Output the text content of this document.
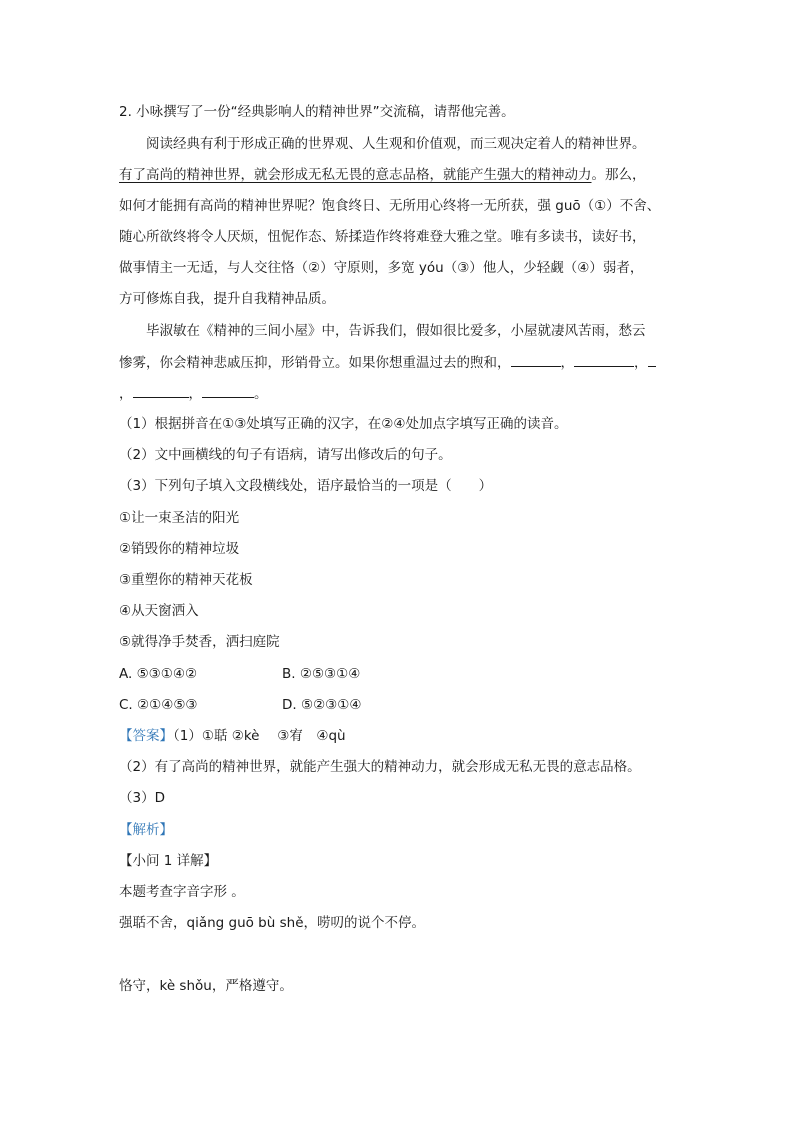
2. 小咏撰写了一份“经典影响人的精神世界”交流稿，请帮他完善。
阅读经典有利于形成正确的世界观、人生观和价值观，而三观决定着人的精神世界。
有了高尚的精神世界，就会形成无私无畏的意志品格，就能产生强大的精神动力。那么，
如何才能拥有高尚的精神世界呢？饱食终日、无所用心终将一无所获，强 guō（①）不舍、
随心所欲终将令人厌烦，忸怩作态、矫揉造作终将难登大雅之堂。唯有多读书，读好书，
做事情主一无适，与人交往恪（②）守原则，多宽 yóu（③）他人，少轻觑（④）弱者，
方可修炼自我，提升自我精神品质。
毕淑敏在《精神的三间小屋》中，告诉我们，假如很比爱多，小屋就凄风苦雨，愁云
惨雾，你会精神悲戚压抑，形销骨立。如果你想重温过去的煦和，	，	，
，	，	。
（1）根据拼音在①③处填写正确的汉字，在②④处加点字填写正确的读音。
（2）文中画横线的句子有语病，请写出修改后的句子。
（3）下列句子填入文段横线处，语序最恰当的一项是（　　）
①让一束圣洁的阳光
②销毁你的精神垃圾
③重塑你的精神天花板
④从天窗洒入
⑤就得净手焚香，洒扫庭院
A. ⑤③①④②	B. ②⑤③①④
C. ②①④⑤③	D. ⑤②③①④
【答案】（1）①聒 ②kè　 ③宥　④qù
（2）有了高尚的精神世界，就能产生强大的精神动力，就会形成无私无畏的意志品格。
（3）D
【解析】
【小问 1 详解】
本题考查字音字形 。
强聒不舍，qiǎng guō bù shě，唠叨的说个不停。
恪守，kè shǒu，严格遵守。
